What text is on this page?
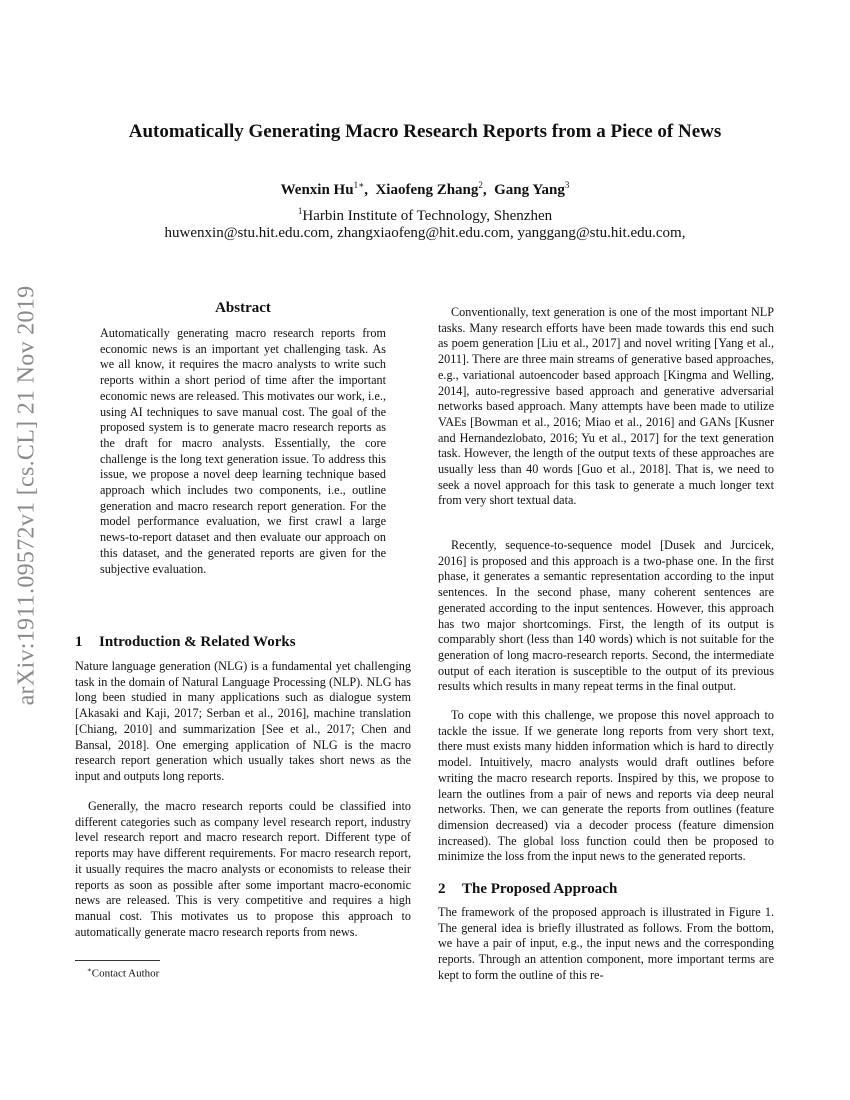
arXiv:1911.09572v1 [cs.CL] 21 Nov 2019
Automatically Generating Macro Research Reports from a Piece of News
Wenxin $Hu^{1∗}$,  Xiaofeng Zhang$^2$,  Gang Yang$^3$
$^1$Harbin Institute of Technology, Shenzhen
huwenxin@stu.hit.edu.com, zhangxiaofeng@hit.edu.com, yanggang@stu.hit.edu.com,
Abstract

Automatically generating macro research reports from economic news is an important yet challenging task. As we all know, it requires the macro analysts to write such reports within a short period of time after the important economic news are released. This motivates our work, i.e., using AI techniques to save manual cost. The goal of the proposed system is to generate macro research reports as the draft for macro analysts. Essentially, the core challenge is the long text generation issue. To address this issue, we propose a novel deep learning technique based approach which includes two components, i.e., outline generation and macro research report generation. For the model performance evaluation, we first crawl a large news-to-report dataset and then evaluate our approach on this dataset, and the generated reports are given for the subjective evaluation.

1 Introduction & Related Works

Nature language generation (NLG) is a fundamental yet challenging task in the domain of Natural Language Processing (NLP). NLG has long been studied in many applications such as dialogue system [Akasaki and Kaji, 2017; Serban et al., 2016], machine translation [Chiang, 2010] and summarization [See et al., 2017; Chen and Bansal, 2018]. One emerging application of NLG is the macro research report generation which usually takes short news as the input and outputs long reports.

Generally, the macro research reports could be classified into different categories such as company level research report, industry level research report and macro research report. Different type of reports may have different requirements. For macro research report, it usually requires the macro analysts or economists to release their reports as soon as possible after some important macro-economic news are released. This is very competitive and requires a high manual cost. This motivates us to propose this approach to automatically generate macro research reports from news.

∗Contact Author

Conventionally, text generation is one of the most important NLP tasks. Many research efforts have been made towards this end such as poem generation [Liu et al., 2017] and novel writing [Yang et al., 2011]. There are three main streams of generative based approaches, e.g., variational autoencoder based approach [Kingma and Welling, 2014], auto-regressive based approach and generative adversarial networks based approach. Many attempts have been made to utilize VAEs [Bowman et al., 2016; Miao et al., 2016] and GANs [Kusner and Hernandezlobato, 2016; Yu et al., 2017] for the text generation task. However, the length of the output texts of these approaches are usually less than 40 words [Guo et al., 2018]. That is, we need to seek a novel approach for this task to generate a much longer text from very short textual data.

Recently, sequence-to-sequence model [Dusek and Jurcicek, 2016] is proposed and this approach is a two-phase one. In the first phase, it generates a semantic representation according to the input sentences. In the second phase, many coherent sentences are generated according to the input sentences. However, this approach has two major shortcomings. First, the length of its output is comparably short (less than 140 words) which is not suitable for the generation of long macro-research reports. Second, the intermediate output of each iteration is susceptible to the output of its previous results which results in many repeat terms in the final output.

To cope with this challenge, we propose this novel approach to tackle the issue. If we generate long reports from very short text, there must exists many hidden information which is hard to directly model. Intuitively, macro analysts would draft outlines before writing the macro research reports. Inspired by this, we propose to learn the outlines from a pair of news and reports via deep neural networks. Then, we can generate the reports from outlines (feature dimension decreased) via a decoder process (feature dimension increased). The global loss function could then be proposed to minimize the loss from the input news to the generated reports.

2 The Proposed Approach

The framework of the proposed approach is illustrated in Figure 1. The general idea is briefly illustrated as follows. From the bottom, we have a pair of input, e.g., the input news and the corresponding reports. Through an attention component, more important terms are kept to form the outline of this re-
